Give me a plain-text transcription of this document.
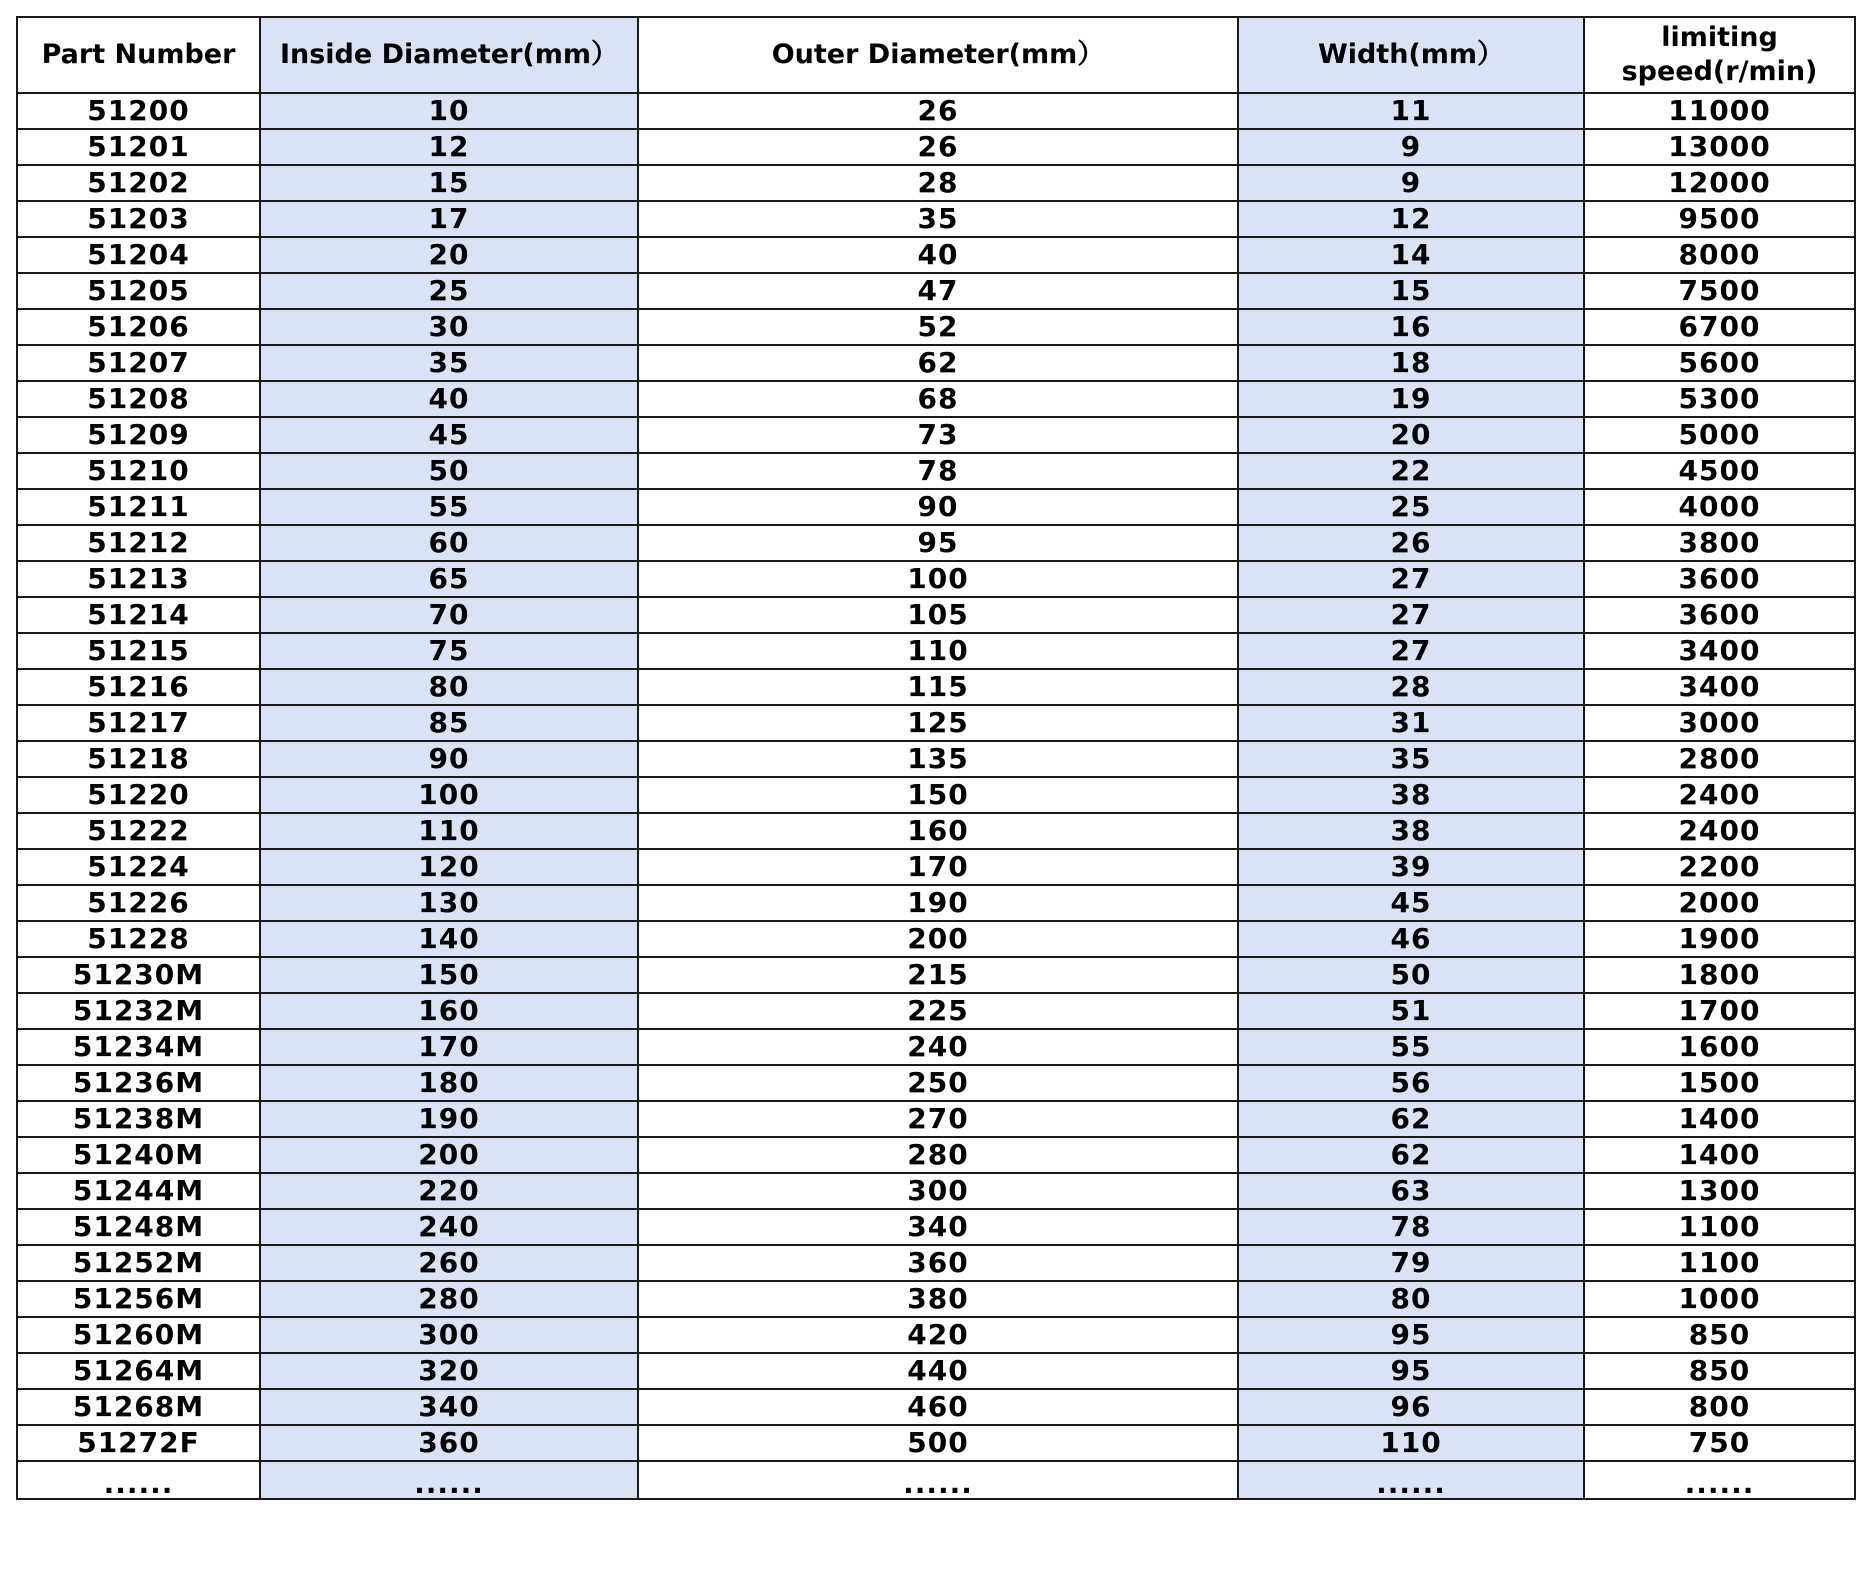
Part Number	Inside Diameter(mm）	Outer Diameter(mm）	Width(mm）	limiting speed(r/min)
51200	10	26	11	11000
51201	12	26	9	13000
51202	15	28	9	12000
51203	17	35	12	9500
51204	20	40	14	8000
51205	25	47	15	7500
51206	30	52	16	6700
51207	35	62	18	5600
51208	40	68	19	5300
51209	45	73	20	5000
51210	50	78	22	4500
51211	55	90	25	4000
51212	60	95	26	3800
51213	65	100	27	3600
51214	70	105	27	3600
51215	75	110	27	3400
51216	80	115	28	3400
51217	85	125	31	3000
51218	90	135	35	2800
51220	100	150	38	2400
51222	110	160	38	2400
51224	120	170	39	2200
51226	130	190	45	2000
51228	140	200	46	1900
51230M	150	215	50	1800
51232M	160	225	51	1700
51234M	170	240	55	1600
51236M	180	250	56	1500
51238M	190	270	62	1400
51240M	200	280	62	1400
51244M	220	300	63	1300
51248M	240	340	78	1100
51252M	260	360	79	1100
51256M	280	380	80	1000
51260M	300	420	95	850
51264M	320	440	95	850
51268M	340	460	96	800
51272F	360	500	110	750
......	......	......	......	......
